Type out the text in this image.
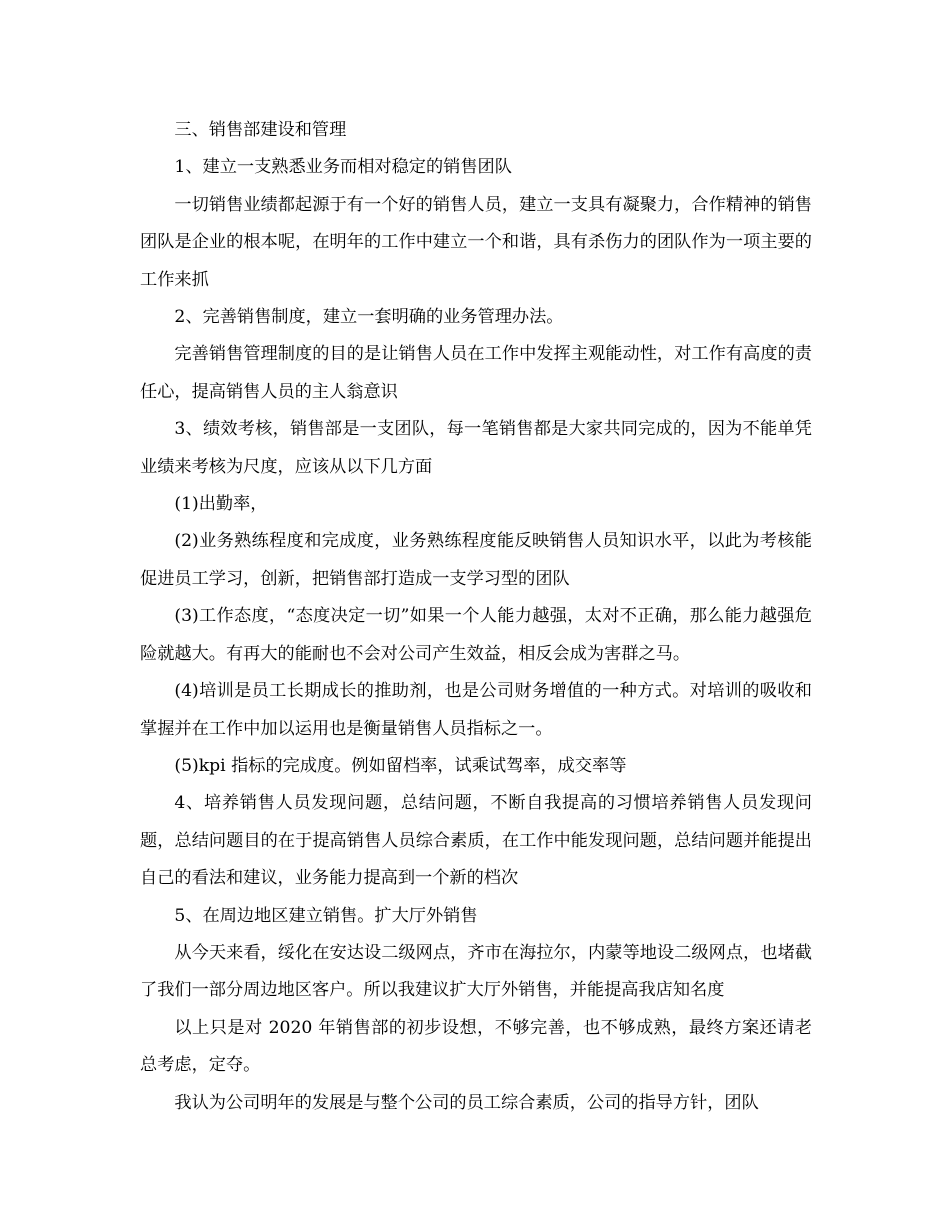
三、销售部建设和管理

1、建立一支熟悉业务而相对稳定的销售团队

一切销售业绩都起源于有一个好的销售人员，建立一支具有凝聚力，合作精神的销售团队是企业的根本呢，在明年的工作中建立一个和谐，具有杀伤力的团队作为一项主要的工作来抓

2、完善销售制度，建立一套明确的业务管理办法。

完善销售管理制度的目的是让销售人员在工作中发挥主观能动性，对工作有高度的责任心，提高销售人员的主人翁意识

3、绩效考核，销售部是一支团队，每一笔销售都是大家共同完成的，因为不能单凭业绩来考核为尺度，应该从以下几方面

(1)出勤率，

(2)业务熟练程度和完成度，业务熟练程度能反映销售人员知识水平，以此为考核能促进员工学习，创新，把销售部打造成一支学习型的团队

(3)工作态度，“态度决定一切”如果一个人能力越强，太对不正确，那么能力越强危险就越大。有再大的能耐也不会对公司产生效益，相反会成为害群之马。

(4)培训是员工长期成长的推助剂，也是公司财务增值的一种方式。对培训的吸收和掌握并在工作中加以运用也是衡量销售人员指标之一。

(5)kpi 指标的完成度。例如留档率，试乘试驾率，成交率等

4、培养销售人员发现问题，总结问题，不断自我提高的习惯培养销售人员发现问题，总结问题目的在于提高销售人员综合素质，在工作中能发现问题，总结问题并能提出自己的看法和建议，业务能力提高到一个新的档次

5、在周边地区建立销售。扩大厅外销售

从今天来看，绥化在安达设二级网点，齐市在海拉尔，内蒙等地设二级网点，也堵截了我们一部分周边地区客户。所以我建议扩大厅外销售，并能提高我店知名度

以上只是对 2020 年销售部的初步设想，不够完善，也不够成熟，最终方案还请老总考虑，定夺。

我认为公司明年的发展是与整个公司的员工综合素质，公司的指导方针，团队
